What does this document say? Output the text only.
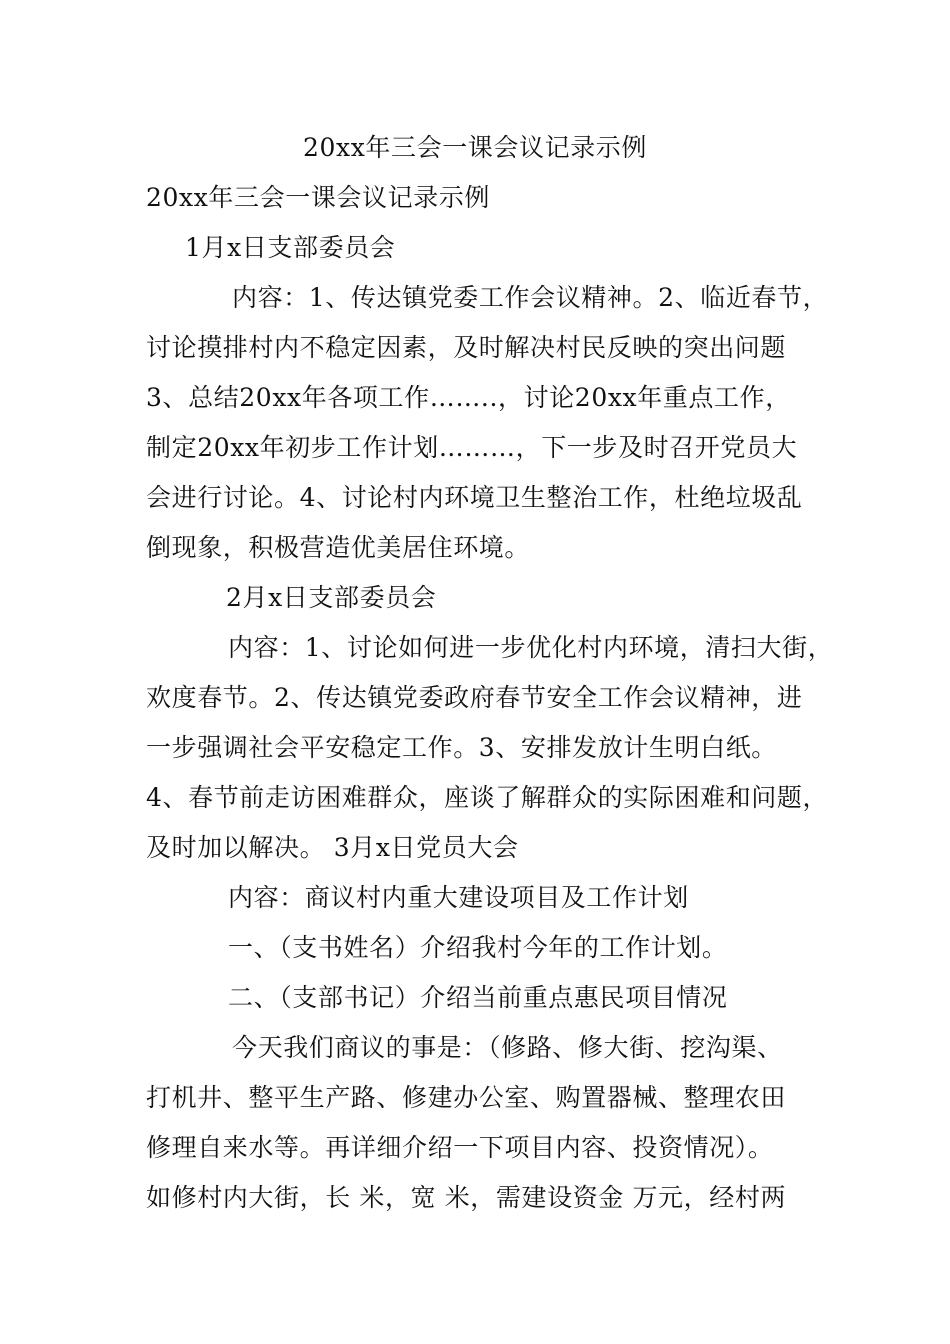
20xx年三会一课会议记录示例
20xx年三会一课会议记录示例
1月x日支部委员会
内容：1、传达镇党委工作会议精神。2、临近春节，
讨论摸排村内不稳定因素，及时解决村民反映的突出问题
3、总结20xx年各项工作……..，讨论20xx年重点工作，
制定20xx年初步工作计划………，下一步及时召开党员大
会进行讨论。4、讨论村内环境卫生整治工作，杜绝垃圾乱
倒现象，积极营造优美居住环境。
2月x日支部委员会
内容：1、讨论如何进一步优化村内环境，清扫大街，
欢度春节。2、传达镇党委政府春节安全工作会议精神，进
一步强调社会平安稳定工作。3、安排发放计生明白纸。
4、春节前走访困难群众，座谈了解群众的实际困难和问题，
及时加以解决。 3月x日党员大会
内容：商议村内重大建设项目及工作计划
一、（支书姓名）介绍我村今年的工作计划。
二、（支部书记）介绍当前重点惠民项目情况
今天我们商议的事是：（修路、修大街、挖沟渠、
打机井、整平生产路、修建办公室、购置器械、整理农田
修理自来水等。再详细介绍一下项目内容、投资情况）。
如修村内大街，长 米，宽 米，需建设资金 万元，经村两
